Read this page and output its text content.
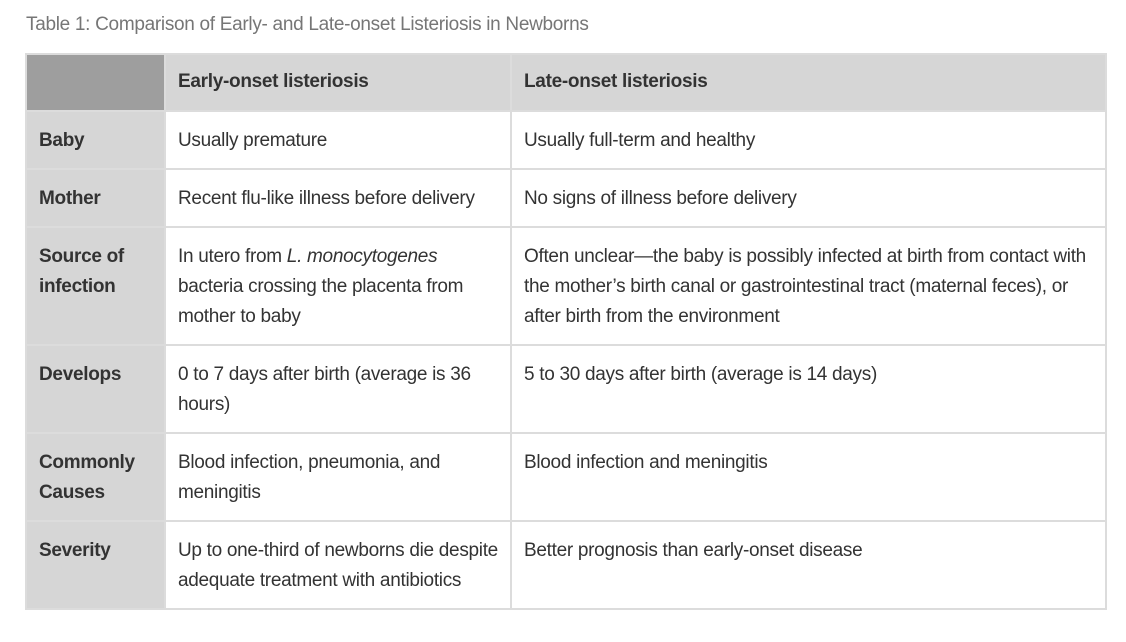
Table 1: Comparison of Early- and Late-onset Listeriosis in Newborns
	Early-onset listeriosis	Late-onset listeriosis
Baby	Usually premature	Usually full-term and healthy
Mother	Recent flu-like illness before delivery	No signs of illness before delivery
Source of infection	In utero from L. monocytogenes bacteria crossing the placenta from mother to baby	Often unclear—the baby is possibly infected at birth from contact with the mother’s birth canal or gastrointestinal tract (maternal feces), or after birth from the environment
Develops	0 to 7 days after birth (average is 36 hours)	5 to 30 days after birth (average is 14 days)
Commonly Causes	Blood infection, pneumonia, and meningitis	Blood infection and meningitis
Severity	Up to one-third of newborns die despite adequate treatment with antibiotics	Better prognosis than early-onset disease
